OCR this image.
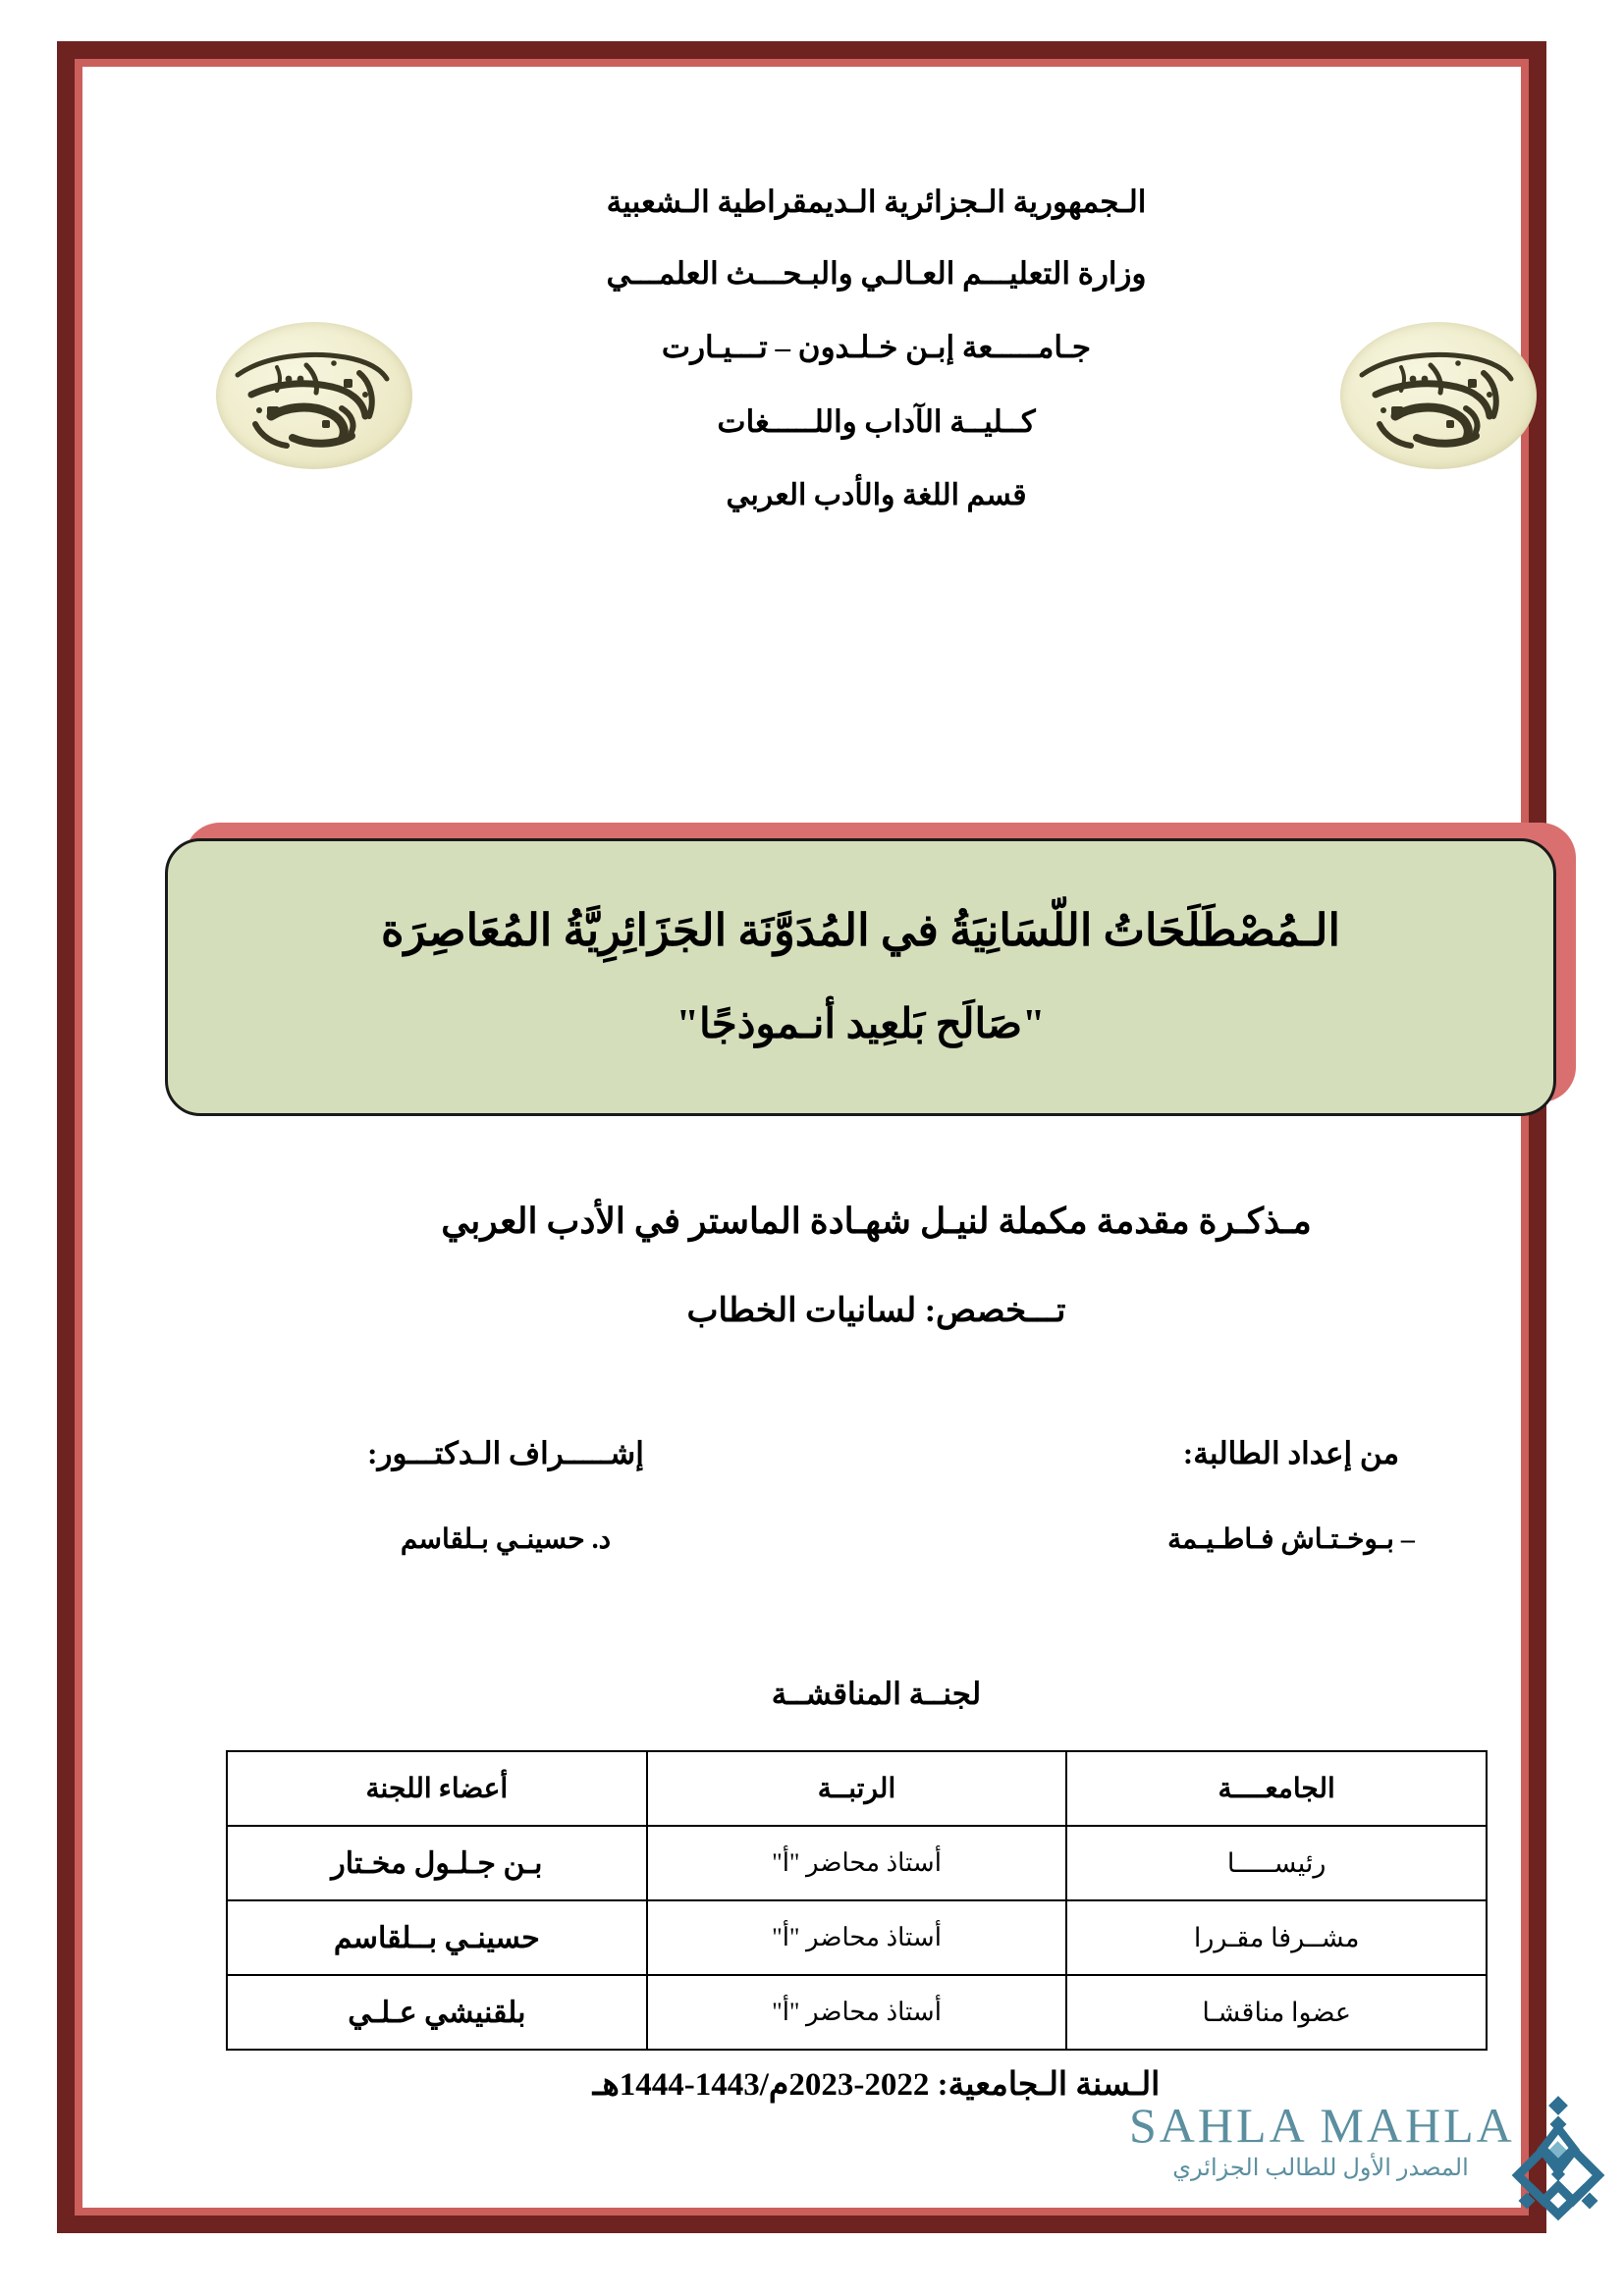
الـجمهورية الـجزائرية الـديمقراطية الـشعبية
وزارة التعليـــم العـالـي والبـحـــث العلمـــي
جـامـــــعة إبـن خـلـدون – تـــيـارت
كــليــة الآداب واللـــــغات
قسم اللغة والأدب العربي
الـمُصْطَلَحَاتُ اللّسَانِيَةُ في المُدَوَّنَة الجَزَائِرِيَّةُ المُعَاصِرَة
"صَالَح بَلعِيد أنـموذجًا"
مـذكـرة مقدمة مكملة لنيـل شهـادة الماستر في الأدب العربي
تـــخصص: لسانيات الخطاب
من إعداد الطالبة:
– بـوخـتـاش فـاطـيـمة
إشـــــراف الـدكتـــور:
د. حسينـي بـلقاسم
لجنــة المناقشــة
الجامعــــة	الرتبــة	أعضاء اللجنة
رئيســـــا	أستاذ محاضر "أ"	بـن جـلـول مخـتار
مشــرفا مقـررا	أستاذ محاضر "أ"	حسينـي بــلقاسم
عضوا مناقشـا	أستاذ محاضر "أ"	بلقنيشي عـلـي
الـسنة الـجامعية: 2022-2023م/1443-1444هـ
SAHLA MAHLA
المصدر الأول للطالب الجزائري
